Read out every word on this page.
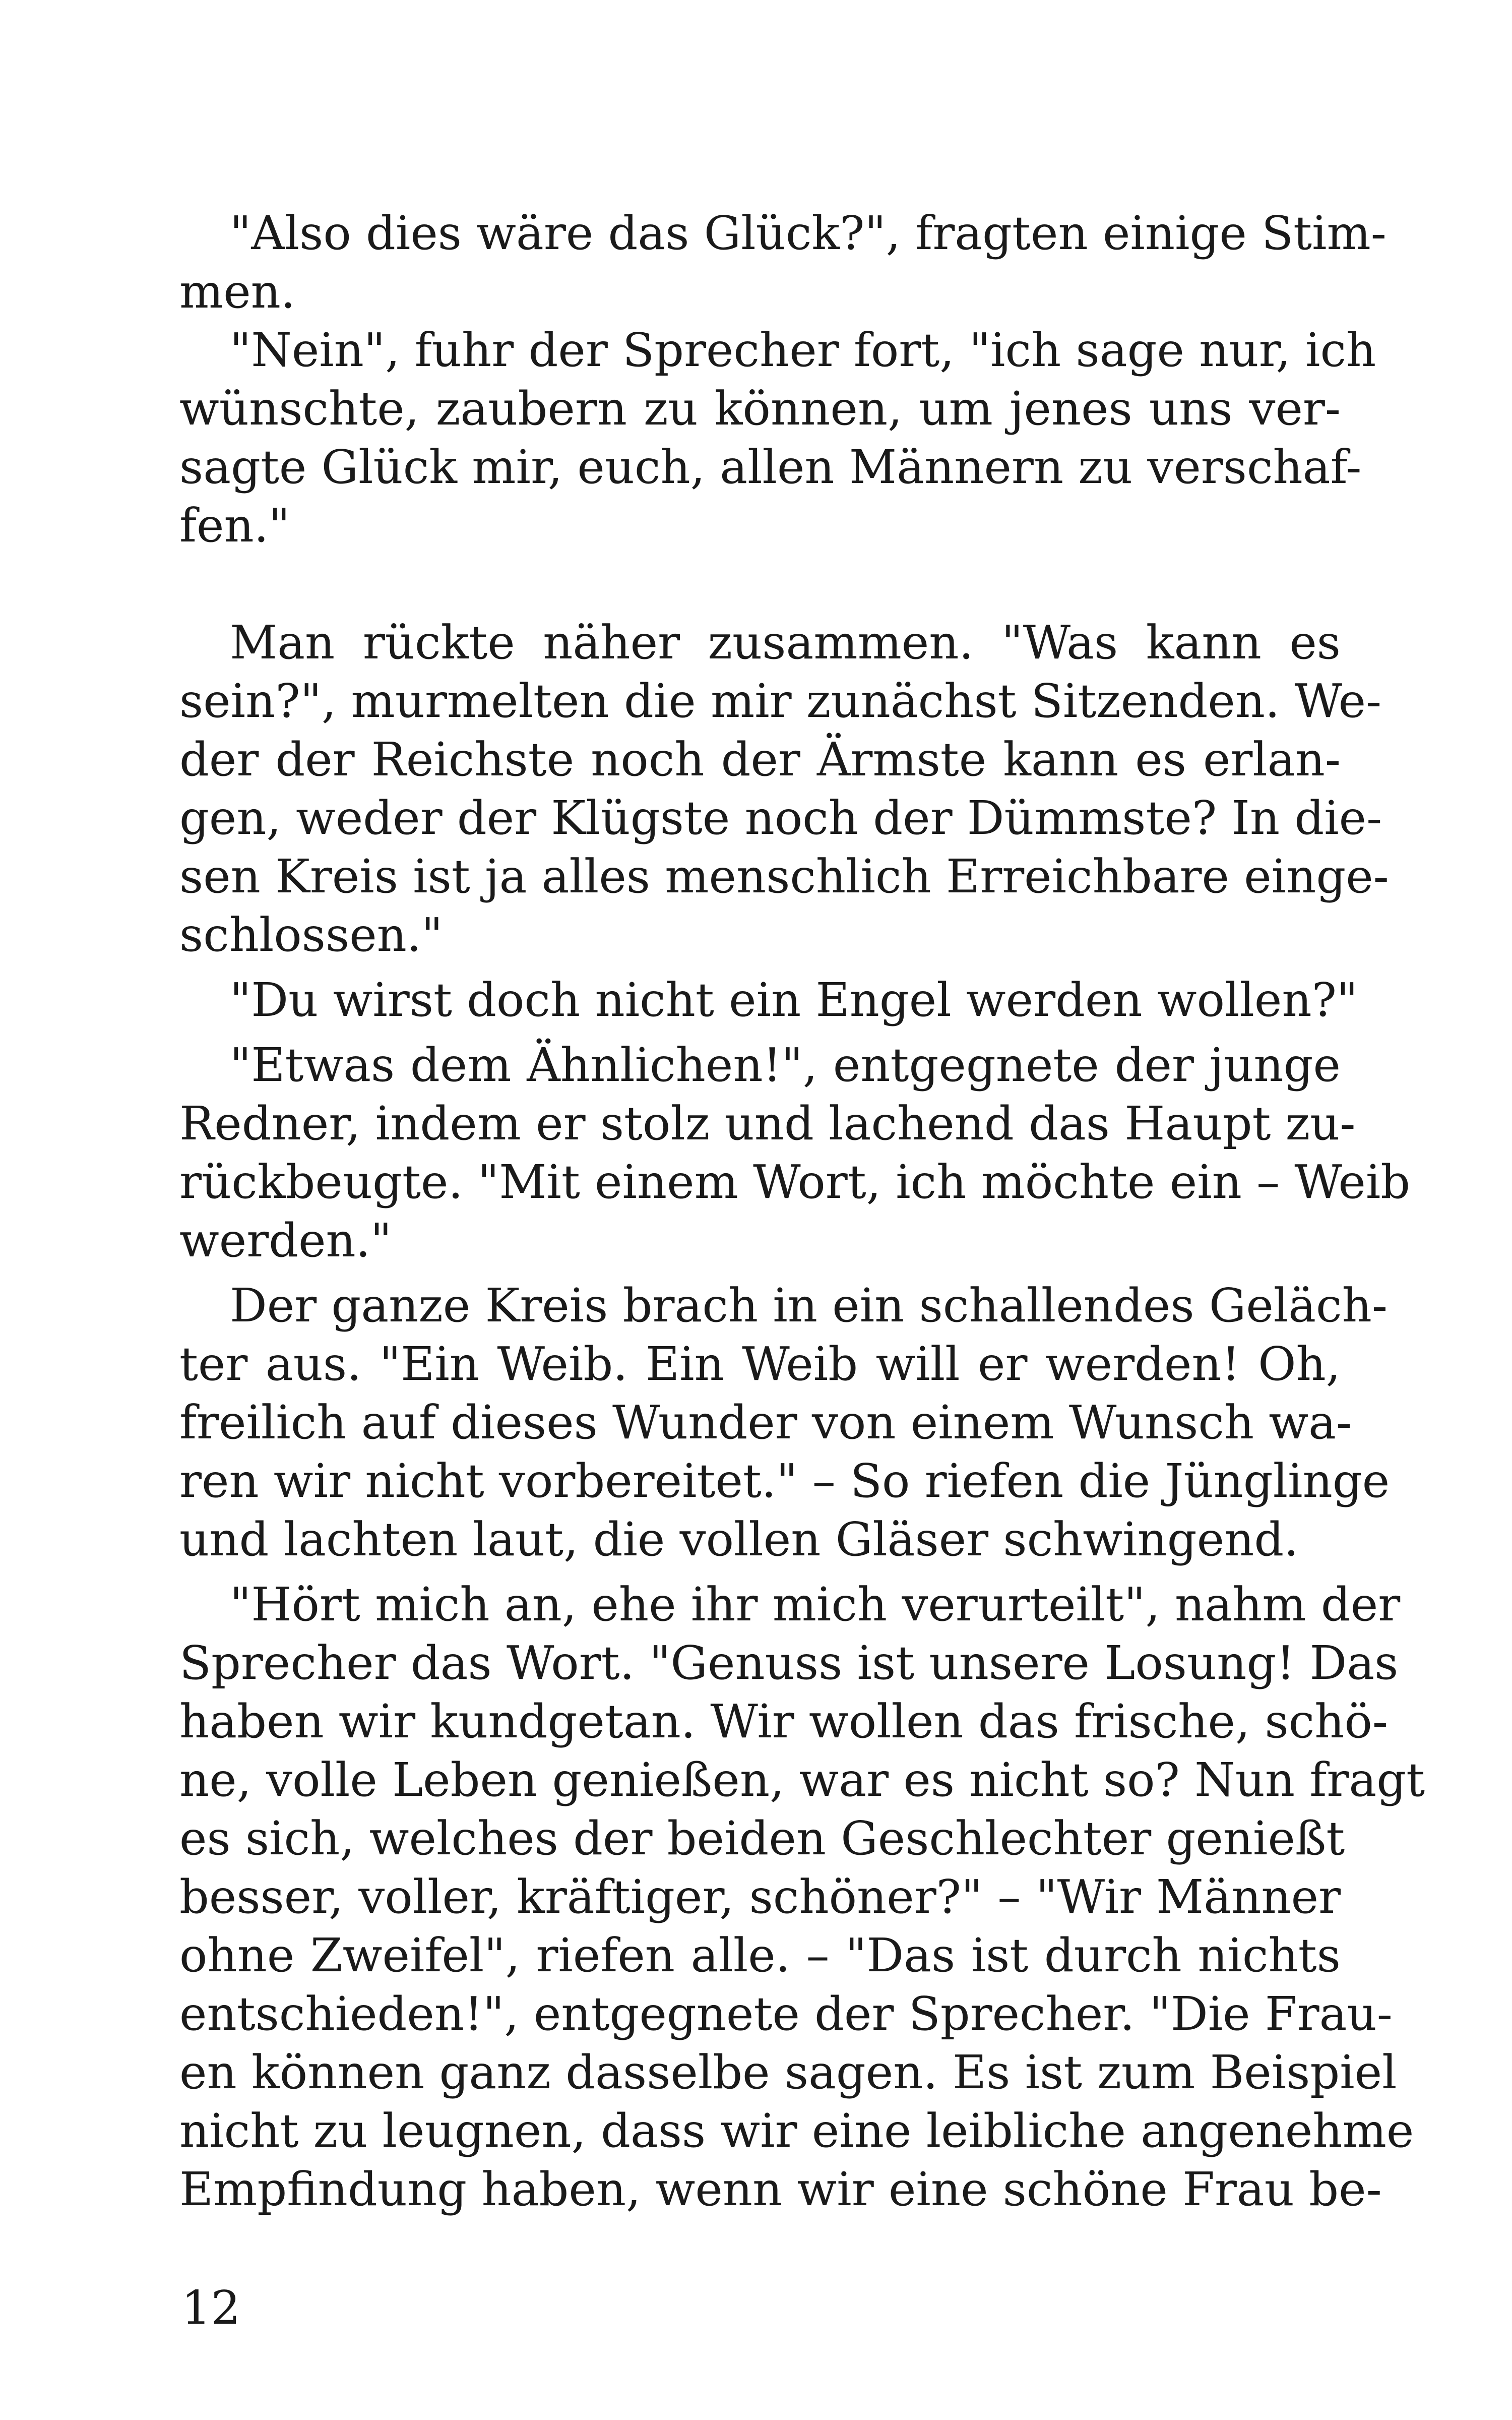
"Also dies wäre das Glück?", fragten einige Stim-
men.
"Nein", fuhr der Sprecher fort, "ich sage nur, ich
wünschte, zaubern zu können, um jenes uns ver-
sagte Glück mir, euch, allen Männern zu verschaf-
fen."
Man rückte näher zusammen. "Was kann es
sein?", murmelten die mir zunächst Sitzenden. We-
der der Reichste noch der Ärmste kann es erlan-
gen, weder der Klügste noch der Dümmste? In die-
sen Kreis ist ja alles menschlich Erreichbare einge-
schlossen."
"Du wirst doch nicht ein Engel werden wollen?"
"Etwas dem Ähnlichen!", entgegnete der junge
Redner, indem er stolz und lachend das Haupt zu-
rückbeugte. "Mit einem Wort, ich möchte ein – Weib
werden."
Der ganze Kreis brach in ein schallendes Geläch-
ter aus. "Ein Weib. Ein Weib will er werden! Oh,
freilich auf dieses Wunder von einem Wunsch wa-
ren wir nicht vorbereitet." – So riefen die Jünglinge
und lachten laut, die vollen Gläser schwingend.
"Hört mich an, ehe ihr mich verurteilt", nahm der
Sprecher das Wort. "Genuss ist unsere Losung! Das
haben wir kundgetan. Wir wollen das frische, schö-
ne, volle Leben genießen, war es nicht so? Nun fragt
es sich, welches der beiden Geschlechter genießt
besser, voller, kräftiger, schöner?" – "Wir Männer
ohne Zweifel", riefen alle. – "Das ist durch nichts
entschieden!", entgegnete der Sprecher. "Die Frau-
en können ganz dasselbe sagen. Es ist zum Beispiel
nicht zu leugnen, dass wir eine leibliche angenehme
Empfindung haben, wenn wir eine schöne Frau be-
12
